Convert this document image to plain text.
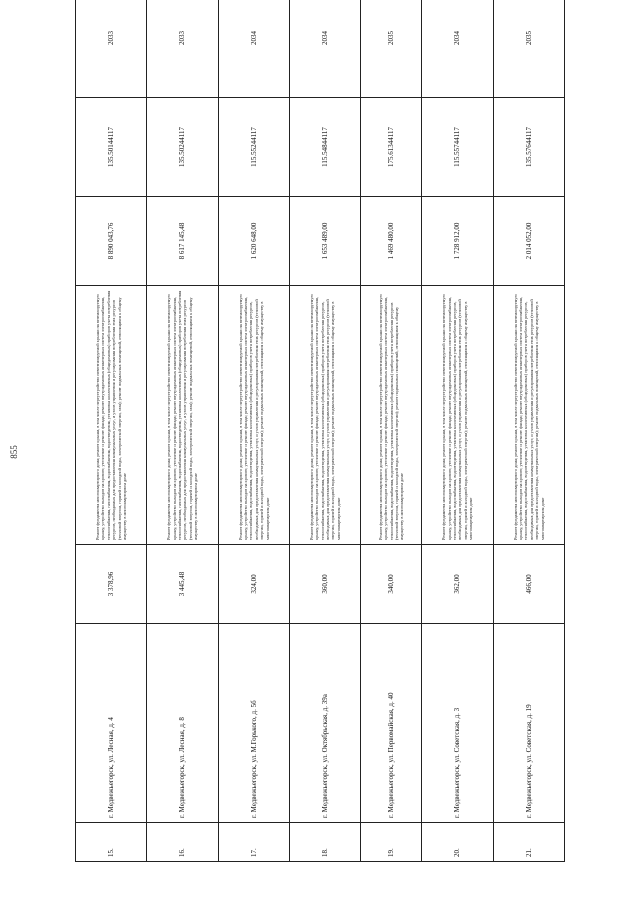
855
15.	г. Медвежьегорск, ул. Лесная, д. 4	3 378,96	Ремонт фундамента многоквартирного дома; ремонт крыши, в том числе переустройство невентилируемой крыши на вентилируемую крышу, устройство выходов на кровлю; утепление и ремонт фасада; ремонт внутридомовых инженерных систем электроснабжения, теплоснабжения, газоснабжения, водоснабжения, водоотведения, установка коллективных (общедомовых) приборов учета потребления ресурсов, необходимых для предоставления коммунальных услуг, и узлов управления и регулирования потребления этих ресурсов (тепловой энергии, горячей и холодной воды, электрической энергии, газа); ремонт подвальных помещений, относящихся к общему имуществу в многоквартирном доме	8 890 043,76	135.50144117	2033
16.	г. Медвежьегорск, ул. Лесная, д. 8	3 445,48	Ремонт фундамента многоквартирного дома; ремонт крыши, в том числе переустройство невентилируемой крыши на вентилируемую крышу, устройство выходов на кровлю; утепление и ремонт фасада; ремонт внутридомовых инженерных систем электроснабжения, теплоснабжения, газоснабжения, водоснабжения, водоотведения, установка коллективных (общедомовых) приборов учета потребления ресурсов, необходимых для предоставления коммунальных услуг, и узлов управления и регулирования потребления этих ресурсов (тепловой энергии, горячей и холодной воды, электрической энергии, газа); ремонт подвальных помещений, относящихся к общему имуществу в многоквартирном доме	8 617 145,48	135.50244117	2033
17.	г. Медвежьегорск, ул. М.Горького, д. 5б	324,00	Ремонт фундамента многоквартирного дома; ремонт крыши, в том числе переустройство невентилируемой крыши на вентилируемую крышу, устройство выходов на кровлю; утепление и ремонт фасада; ремонт внутридомовых инженерных систем электроснабжения, теплоснабжения, водоснабжения, водоотведения, установка коллективных (общедомовых) приборов учета потребления ресурсов, необходимых для предоставления коммунальных услуг, и узлов управления и регулирования потребления этих ресурсов (тепловой энергии, горячей и холодной воды, электрической энергии); ремонт подвальных помещений, относящихся к общему имуществу в многоквартирном доме	1 620 648,00	115.55244117	2034
18.	г. Медвежьегорск, ул. Октябрьская, д. 39а	360,00	Ремонт фундамента многоквартирного дома; ремонт крыши, в том числе переустройство невентилируемой крыши на вентилируемую крышу, устройство выходов на кровлю; утепление и ремонт фасада; ремонт внутридомовых инженерных систем электроснабжения, теплоснабжения, водоснабжения, водоотведения, установка коллективных (общедомовых) приборов учета потребления ресурсов, необходимых для предоставления коммунальных услуг, и узлов управления и регулирования потребления этих ресурсов (тепловой энергии, горячей и холодной воды, электрической энергии); ремонт подвальных помещений, относящихся к общему имуществу в многоквартирном доме	1 653 489,00	115.54844117	2034
19.	г. Медвежьегорск, ул. Первомайская, д. 40	340,00	Ремонт фундамента многоквартирного дома; ремонт крыши, в том числе переустройство невентилируемой крыши на вентилируемую крышу, устройство выходов на кровлю; утепление и ремонт фасада; ремонт внутридомовых инженерных систем электроснабжения, теплоснабжения, водоснабжения, водоотведения, установка коллективных (общедомовых) приборов учета потребления ресурсов (тепловой энергии, горячей и холодной воды, электрической энергии); ремонт подвальных помещений, относящихся к общему имуществу в многоквартирном доме	1 469 480,00	175.61344117	2035
20.	г. Медвежьегорск, ул. Советская, д. 3	362,00	Ремонт фундамента многоквартирного дома; ремонт крыши, в том числе переустройство невентилируемой крыши на вентилируемую крышу, устройство выходов на кровлю; утепление и ремонт фасада; ремонт внутридомовых инженерных систем электроснабжения, теплоснабжения, водоснабжения, водоотведения, установка коллективных (общедомовых) приборов учета потребления ресурсов, необходимых для предоставления коммунальных услуг, и узлов управления и регулирования потребления этих ресурсов (тепловой энергии, горячей и холодной воды, электрической энергии); ремонт подвальных помещений, относящихся к общему имуществу в многоквартирном доме	1 728 912,00	115.55744117	2034
21.	г. Медвежьегорск, ул. Советская, д. 19	466,00	Ремонт фундамента многоквартирного дома; ремонт крыши, в том числе переустройство невентилируемой крыши на вентилируемую крышу, устройство выходов на кровлю; утепление и ремонт фасада; ремонт внутридомовых инженерных систем электроснабжения, теплоснабжения, водоснабжения, водоотведения, установка коллективных (общедомовых) приборов учета потребления ресурсов, необходимых для предоставления коммунальных услуг, и узлов управления и регулирования потребления этих ресурсов (тепловой энергии, горячей и холодной воды, электрической энергии); ремонт подвальных помещений, относящихся к общему имуществу в многоквартирном доме	2 014 052,00	135.57644117	2035
